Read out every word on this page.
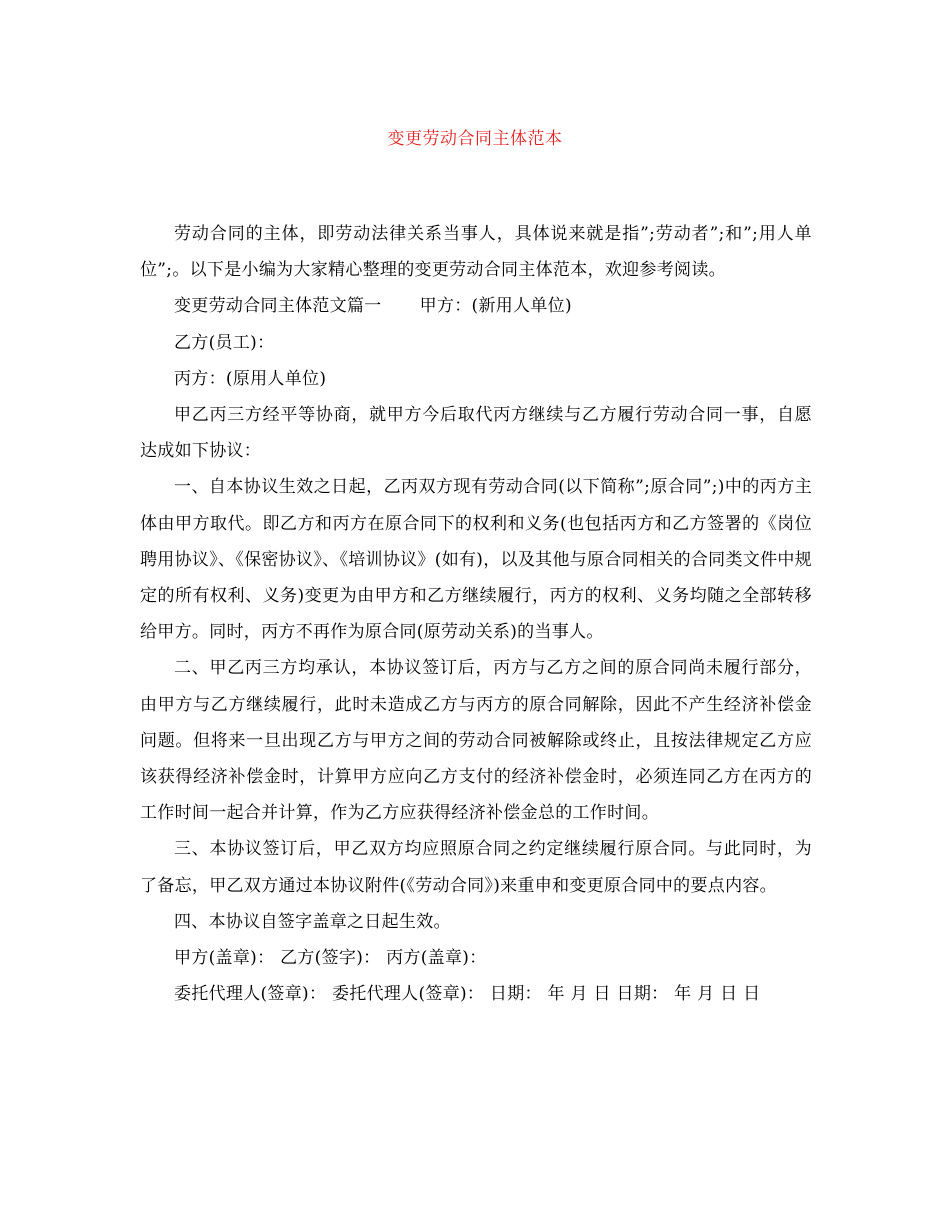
变更劳动合同主体范本

劳动合同的主体，即劳动法律关系当事人，具体说来就是指”;劳动者”;和”;用人单位”;。以下是小编为大家精心整理的变更劳动合同主体范本，欢迎参考阅读。

变更劳动合同主体范文篇一 甲方：(新用人单位)

乙方(员工)：

丙方：(原用人单位)

甲乙丙三方经平等协商，就甲方今后取代丙方继续与乙方履行劳动合同一事，自愿达成如下协议：

一、自本协议生效之日起，乙丙双方现有劳动合同(以下简称”;原合同”;)中的丙方主体由甲方取代。即乙方和丙方在原合同下的权利和义务(也包括丙方和乙方签署的《岗位聘用协议》、《保密协议》、《培训协议》(如有)，以及其他与原合同相关的合同类文件中规定的所有权利、义务)变更为由甲方和乙方继续履行，丙方的权利、义务均随之全部转移给甲方。同时，丙方不再作为原合同(原劳动关系)的当事人。

二、甲乙丙三方均承认，本协议签订后，丙方与乙方之间的原合同尚未履行部分，由甲方与乙方继续履行，此时未造成乙方与丙方的原合同解除，因此不产生经济补偿金问题。但将来一旦出现乙方与甲方之间的劳动合同被解除或终止，且按法律规定乙方应该获得经济补偿金时，计算甲方应向乙方支付的经济补偿金时，必须连同乙方在丙方的工作时间一起合并计算，作为乙方应获得经济补偿金总的工作时间。

三、本协议签订后，甲乙双方均应照原合同之约定继续履行原合同。与此同时，为了备忘，甲乙双方通过本协议附件(《劳动合同》)来重申和变更原合同中的要点内容。

四、本协议自签字盖章之日起生效。

甲方(盖章)： 乙方(签字)： 丙方(盖章)：

委托代理人(签章)： 委托代理人(签章)： 日期： 年 月 日 日期： 年 月 日 日
